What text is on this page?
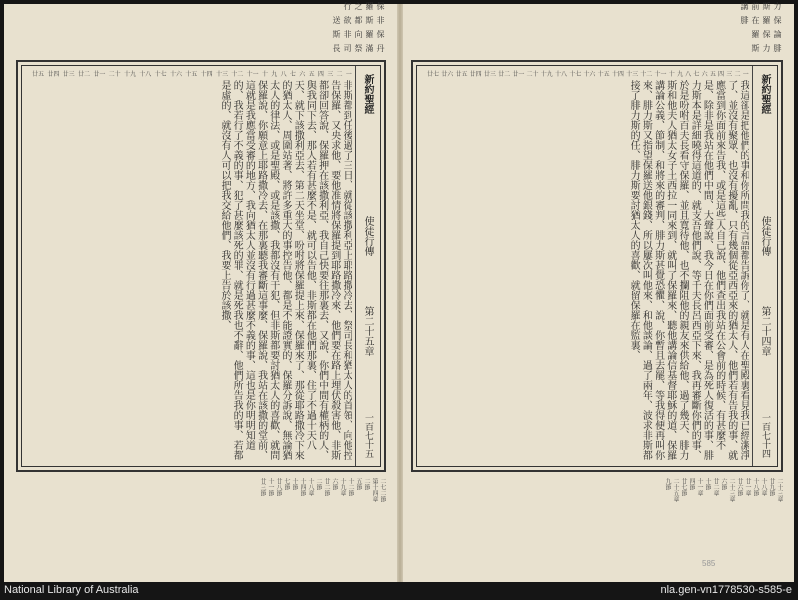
丹滿祭司長
保羅向非斯
非斯都欲送
保羅之行
新約聖經
使徒行傳
第二十五章
一百七十五
一
二
三
四
五
六
七
八
九
十
十一
十二
十三
十四
十五
十六
十七
十八
十九
二十
廿一
廿二
廿三
廿四
廿五
非斯都到任後過了三日、就從該撒利亞上耶路撒冷去、祭司長和猶太人的首領、向他控告保羅、又央求他、要他准情將保羅提到耶路撒冷來、他們要在路上埋伏殺害他、非斯都卻回答說、保羅押在該撒利亞、我自己快要往那裏去、又說、你們中間有權柄的人、與我同下去、那人若有甚麼不是、就可以告他、非斯都在他們那裏、住了不過十天八天、就下該撒利亞去、第二天坐堂、吩咐將保羅提上來、保羅來了、那從耶路撒冷下來的猶太人、周圍站著、將許多重大的事控告他、都是不能證實的、保羅分訴說、無論猶太人的律法、或是聖殿、或是該撒、我都沒有干犯、但非斯都要討猶太人的喜歡、就問保羅說、你願意上耶路撒冷去、在那裏聽我審斷這事麼、保羅說、我站在該撒的堂前、這就是我應當受審的地方、我向猶太人並沒有行過甚麼不義的事、這也是你明明知道的、我若行了不義的事、犯了甚麼該死的罪、就是死我也不辭、他們所告我的事、若都是虛的、就沒有人可以把我交給他們、我要上告於該撒、
二七二節
第十四章
二節
五節
十二節
十九章
六節
廿二節
二節
十八章
十四節
十節
七節
廿八節
十一節
廿三節
腓力斯
論保羅
保羅在腓
力斯前講
新約聖經
使徒行傳
第二十四章
一百七十四
一
二
三
四
五
六
七
八
九
十
十一
十二
十三
十四
十五
十六
十七
十八
十九
二十
廿一
廿二
廿三
廿四
廿五
廿六
廿七
我這卻是把他們的事和你所問我的言語都告訴你了、就是有人在聖殿裏看見我已經潔淨了、並沒有聚眾、也沒有擾亂、只有幾個從亞西亞來的猶太人、他們若有告我的事、就應當到你面前來告我、或是這些人自己說、他們查出我站在公會前的時候、有甚麼不是、除非是我站在他們中間、大聲說、我今日在你們面前受審、是為死人復活的事、腓力斯本是詳細曉得這道的、就支吾他們說、等千夫長呂西亞下來、我再審斷你們的事、於是吩咐百夫長看守保羅、並且寬待他、也不攔阻他的親友來供給他、過了幾天、腓力斯和他夫人猶太女子土西拉一同來到、就叫了保羅來、聽他講論信基督耶穌的道、保羅講論公義、節制、和將來的審判、腓力斯甚覺恐懼、說、你暫且去罷、等我得便再叫你來、腓力斯又指望保羅送他銀錢、所以屢次叫他來、和他談論、過了兩年、波求非斯都接了腓力斯的任、腓力斯要討猶太人的喜歡、就留保羅在監裏、
二十三章
廿九節
十八章
十八節
廿一章
廿六節
二十三章
六節
廿二章
十節
十一章
四節
廿七節
二十五章
九節
585
National Library of Australia	nla.gen-vn1778530-s585-e
